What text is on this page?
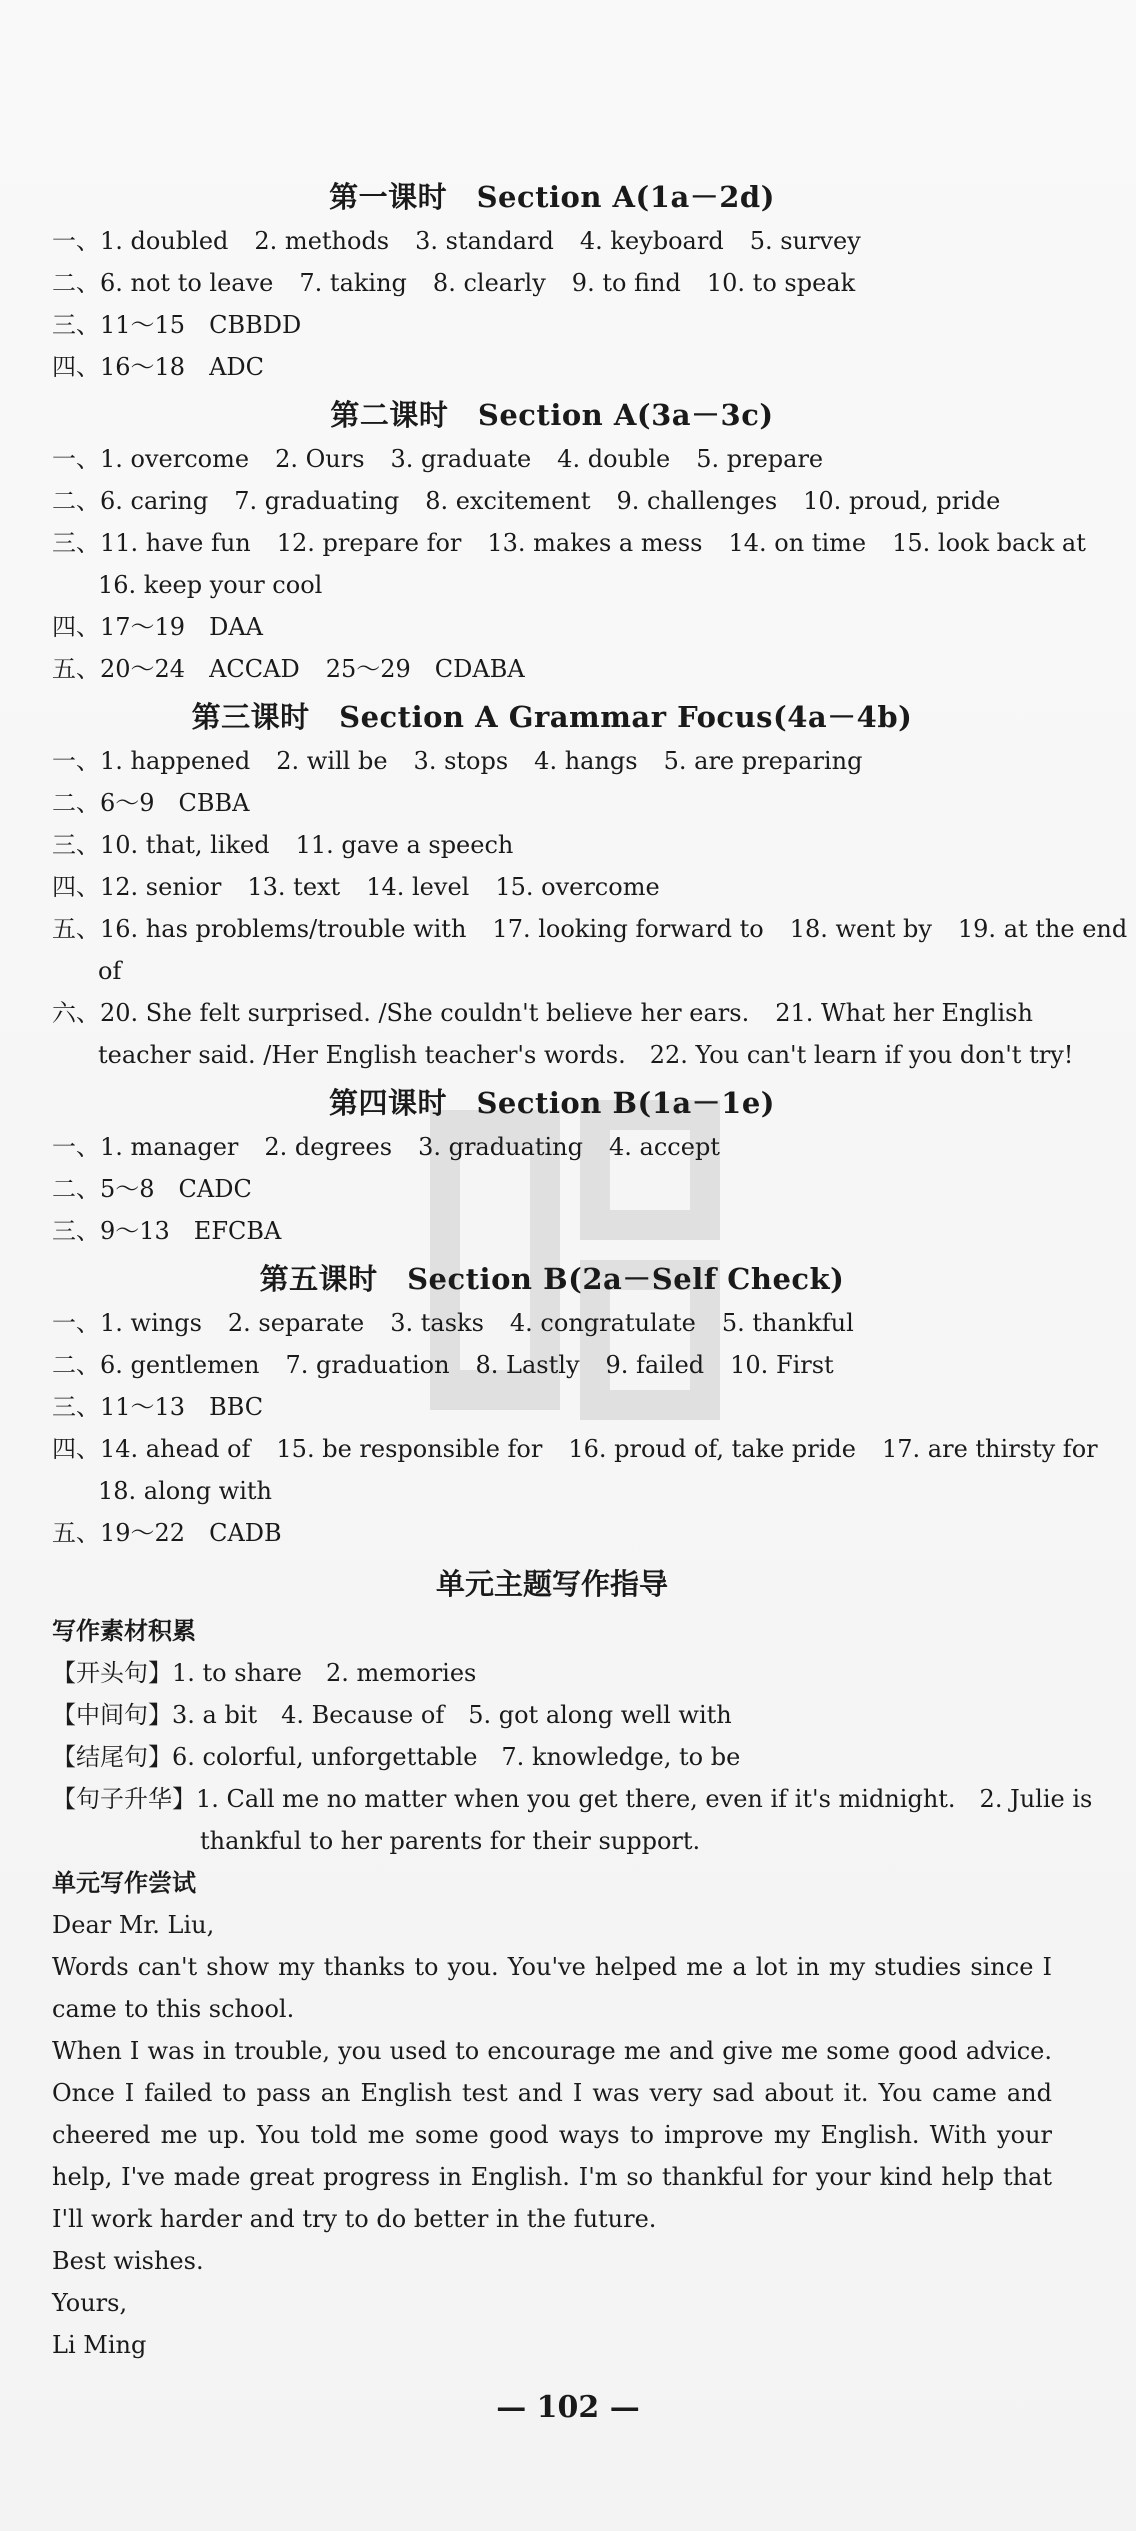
第一课时　Section A(1a－2d)
一、1. doubled 2. methods 3. standard 4. keyboard 5. survey
二、6. not to leave 7. taking 8. clearly 9. to find 10. to speak
三、11～15　CBBDD
四、16～18　ADC
第二课时　Section A(3a－3c)
一、1. overcome 2. Ours 3. graduate 4. double 5. prepare
二、6. caring 7. graduating 8. excitement 9. challenges 10. proud, pride
三、11. have fun 12. prepare for 13. makes a mess 14. on time 15. look back at
16. keep your cool
四、17～19　DAA
五、20～24　ACCAD 25～29　CDABA
第三课时　Section A Grammar Focus(4a－4b)
一、1. happened 2. will be 3. stops 4. hangs 5. are preparing
二、6～9　CBBA
三、10. that, liked 11. gave a speech
四、12. senior 13. text 14. level 15. overcome
五、16. has problems/trouble with 17. looking forward to 18. went by 19. at the end
of
六、20. She felt surprised. /She couldn't believe her ears. 21. What her English
teacher said. /Her English teacher's words.　22. You can't learn if you don't try!
第四课时　Section B(1a－1e)
一、1. manager 2. degrees 3. graduating 4. accept
二、5～8　CADC
三、9～13　EFCBA
第五课时　Section B(2a－Self Check)
一、1. wings 2. separate 3. tasks 4. congratulate 5. thankful
二、6. gentlemen 7. graduation 8. Lastly 9. failed 10. First
三、11～13　BBC
四、14. ahead of 15. be responsible for 16. proud of, take pride 17. are thirsty for
18. along with
五、19～22　CADB
单元主题写作指导
写作素材积累
【开头句】1. to share　2. memories
【中间句】3. a bit　4. Because of　5. got along well with
【结尾句】6. colorful, unforgettable　7. knowledge, to be
【句子升华】1. Call me no matter when you get there, even if it's midnight.　2. Julie is
thankful to her parents for their support.
单元写作尝试

Dear Mr. Liu,

Words can't show my thanks to you. You've helped me a lot in my studies since I came to this school.

When I was in trouble, you used to encourage me and give me some good advice. Once I failed to pass an English test and I was very sad about it. You came and cheered me up. You told me some good ways to improve my English. With your help, I've made great progress in English. I'm so thankful for your kind help that I'll work harder and try to do better in the future.

Best wishes.

Yours,

Li Ming

— 102 —
